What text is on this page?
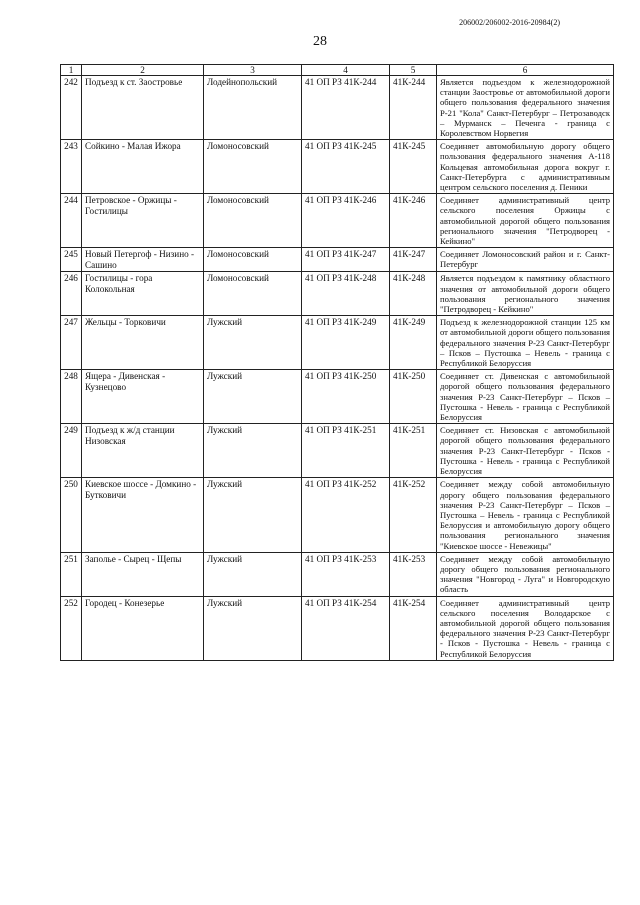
206002/206002-2016-20984(2)
28
1	2	3	4	5	6
242	Подъезд к ст. Заостровье	Лодейнопольский	41 ОП РЗ 41К-244	41К-244	Является подъездом к железнодорожной станции Заостровье от автомобильной дороги общего пользования федерального значения Р-21 "Кола" Санкт-Петербург – Петрозаводск – Мурманск – Печенга - граница с Королевством Норвегия
243	Сойкино - Малая Ижора	Ломоносовский	41 ОП РЗ 41К-245	41К-245	Соединяет автомобильную дорогу общего пользования федерального значения А-118 Кольцевая автомобильная дорога вокруг г. Санкт-Петербурга с административным центром сельского поселения д. Пеники
244	Петровское - Оржицы - Гостилицы	Ломоносовский	41 ОП РЗ 41К-246	41К-246	Соединяет административный центр сельского поселения Оржицы с автомобильной дорогой общего пользования регионального значения "Петродворец - Кейкино"
245	Новый Петергоф - Низино - Сашино	Ломоносовский	41 ОП РЗ 41К-247	41К-247	Соединяет Ломоносовский район и г. Санкт-Петербург
246	Гостилицы - гора Колокольная	Ломоносовский	41 ОП РЗ 41К-248	41К-248	Является подъездом к памятнику областного значения от автомобильной дороги общего пользования регионального значения "Петродворец - Кейкино"
247	Жельцы - Торковичи	Лужский	41 ОП РЗ 41К-249	41К-249	Подъезд к железнодорожной станции 125 км от автомобильной дороги общего пользования федерального значения Р-23 Санкт-Петербург – Псков – Пустошка – Невель - граница с Республикой Белоруссия
248	Ящера - Дивенская - Кузнецово	Лужский	41 ОП РЗ 41К-250	41К-250	Соединяет ст. Дивенская с автомобильной дорогой общего пользования федерального значения Р-23 Санкт-Петербург – Псков – Пустошка - Невель - граница с Республикой Белоруссия
249	Подъезд к ж/д станции Низовская	Лужский	41 ОП РЗ 41К-251	41К-251	Соединяет ст. Низовская с автомобильной дорогой общего пользования федерального значения Р-23 Санкт-Петербург - Псков - Пустошка - Невель - граница с Республикой Белоруссия
250	Киевское шоссе - Домкино - Бутковичи	Лужский	41 ОП РЗ 41К-252	41К-252	Соединяет между собой автомобильную дорогу общего пользования федерального значения Р-23 Санкт-Петербург – Псков – Пустошка – Невель - граница с Республикой Белоруссия и автомобильную дорогу общего пользования регионального значения "Киевское шоссе - Невежицы"
251	Заполье - Сырец - Щепы	Лужский	41 ОП РЗ 41К-253	41К-253	Соединяет между собой автомобильную дорогу общего пользования регионального значения "Новгород - Луга" и Новгородскую область
252	Городец - Конезерье	Лужский	41 ОП РЗ 41К-254	41К-254	Соединяет административный центр сельского поселения Володарское с автомобильной дорогой общего пользования федерального значения Р-23 Санкт-Петербург - Псков - Пустошка - Невель - граница с Республикой Белоруссия
